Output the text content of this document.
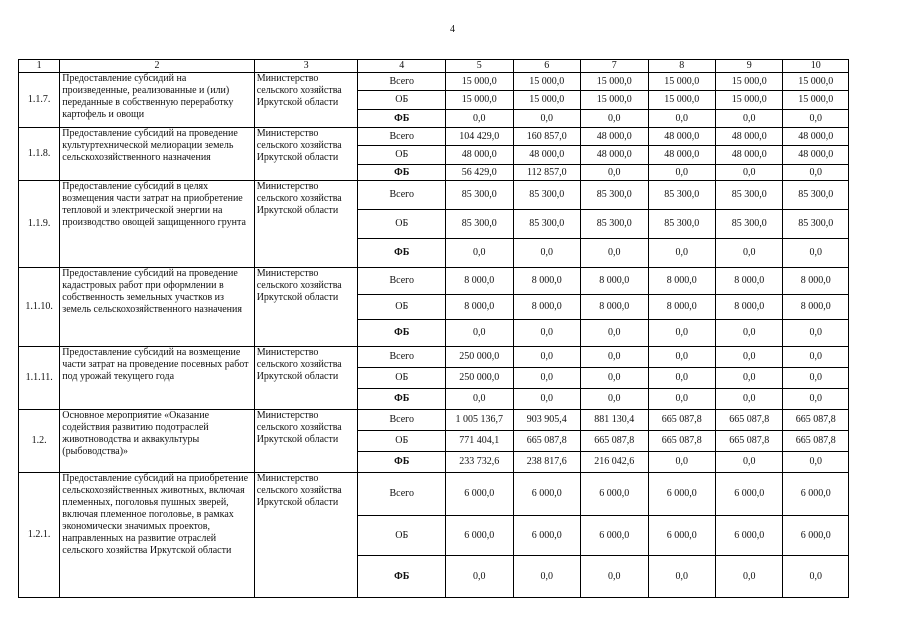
4
1	2	3	4	5	6	7	8	9	10
1.1.7.	Предоставление субсидий на произведенные, реализованные и (или) переданные в собственную переработку картофель и овощи	Министерство сельского хозяйства Иркутской области	Всего	15 000,0	15 000,0	15 000,0	15 000,0	15 000,0	15 000,0
			ОБ	15 000,0	15 000,0	15 000,0	15 000,0	15 000,0	15 000,0
			ФБ	0,0	0,0	0,0	0,0	0,0	0,0
1.1.8.	Предоставление субсидий на проведение культуртехнической мелиорации земель сельскохозяйственного назначения	Министерство сельского хозяйства Иркутской области	Всего	104 429,0	160 857,0	48 000,0	48 000,0	48 000,0	48 000,0
			ОБ	48 000,0	48 000,0	48 000,0	48 000,0	48 000,0	48 000,0
			ФБ	56 429,0	112 857,0	0,0	0,0	0,0	0,0
1.1.9.	Предоставление субсидий в целях возмещения части затрат на приобретение тепловой и электрической энергии на производство овощей защищенного грунта	Министерство сельского хозяйства Иркутской области	Всего	85 300,0	85 300,0	85 300,0	85 300,0	85 300,0	85 300,0
			ОБ	85 300,0	85 300,0	85 300,0	85 300,0	85 300,0	85 300,0
			ФБ	0,0	0,0	0,0	0,0	0,0	0,0
1.1.10.	Предоставление субсидий на проведение кадастровых работ при оформлении в собственность земельных участков из земель сельскохозяйственного назначения	Министерство сельского хозяйства Иркутской области	Всего	8 000,0	8 000,0	8 000,0	8 000,0	8 000,0	8 000,0
			ОБ	8 000,0	8 000,0	8 000,0	8 000,0	8 000,0	8 000,0
			ФБ	0,0	0,0	0,0	0,0	0,0	0,0
1.1.11.	Предоставление субсидий на возмещение части затрат на проведение посевных работ под урожай текущего года	Министерство сельского хозяйства Иркутской области	Всего	250 000,0	0,0	0,0	0,0	0,0	0,0
			ОБ	250 000,0	0,0	0,0	0,0	0,0	0,0
			ФБ	0,0	0,0	0,0	0,0	0,0	0,0
1.2.	Основное мероприятие «Оказание содействия развитию подотраслей животноводства и аквакультуры (рыбоводства)»	Министерство сельского хозяйства Иркутской области	Всего	1 005 136,7	903 905,4	881 130,4	665 087,8	665 087,8	665 087,8
			ОБ	771 404,1	665 087,8	665 087,8	665 087,8	665 087,8	665 087,8
			ФБ	233 732,6	238 817,6	216 042,6	0,0	0,0	0,0
1.2.1.	Предоставление субсидий на приобретение сельскохозяйственных животных, включая племенных, поголовья пушных зверей, включая племенное поголовье, в рамках экономически значимых проектов, направленных на развитие отраслей сельского хозяйства Иркутской области	Министерство сельского хозяйства Иркутской области	Всего	6 000,0	6 000,0	6 000,0	6 000,0	6 000,0	6 000,0
			ОБ	6 000,0	6 000,0	6 000,0	6 000,0	6 000,0	6 000,0
			ФБ	0,0	0,0	0,0	0,0	0,0	0,0
